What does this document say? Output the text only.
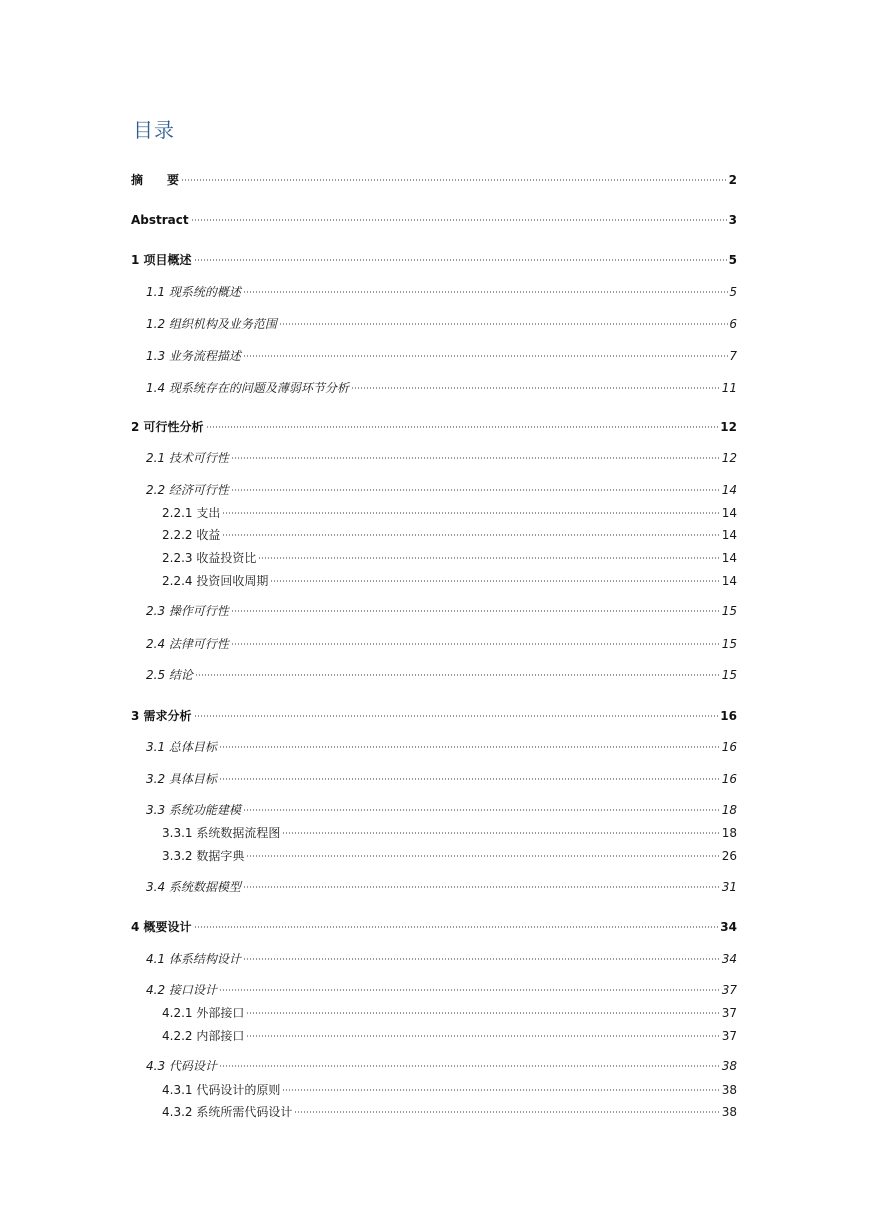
目录
摘　　要	2
Abstract	3
1 项目概述	5
1.1 现系统的概述	5
1.2 组织机构及业务范围	6
1.3 业务流程描述	7
1.4 现系统存在的问题及薄弱环节分析	11
2 可行性分析	12
2.1 技术可行性	12
2.2 经济可行性	14
2.2.1 支出	14
2.2.2 收益	14
2.2.3 收益投资比	14
2.2.4 投资回收周期	14
2.3 操作可行性	15
2.4 法律可行性	15
2.5 结论	15
3 需求分析	16
3.1 总体目标	16
3.2 具体目标	16
3.3 系统功能建模	18
3.3.1 系统数据流程图	18
3.3.2 数据字典	26
3.4 系统数据模型	31
4 概要设计	34
4.1 体系结构设计	34
4.2 接口设计	37
4.2.1 外部接口	37
4.2.2 内部接口	37
4.3 代码设计	38
4.3.1 代码设计的原则	38
4.3.2 系统所需代码设计	38
